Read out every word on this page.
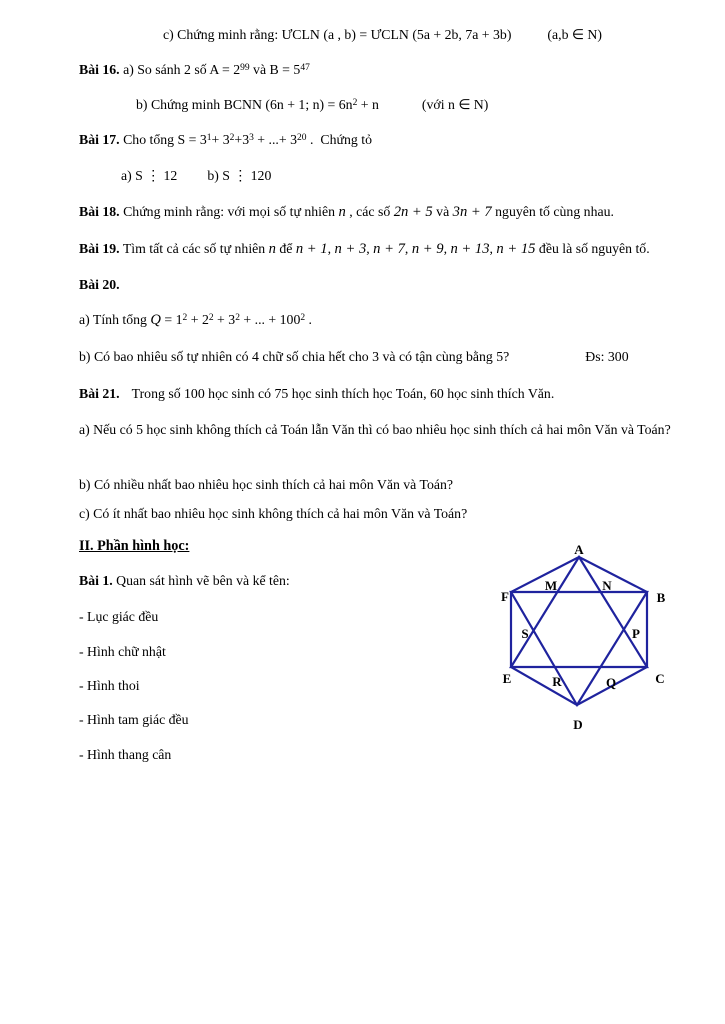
c) Chứng minh rằng: ƯCLN (a , b) = ƯCLN (5a + 2b, 7a + 3b)	(a,b ∈ N)
Bài 16. a) So sánh 2 số $A = 2^{99}$ và $B = 5^{47}$
b) Chứng minh BCNN (6n + 1; $n) = 6n^2 + n$	(với n ∈ N)
Bài 17. Cho tổng $S = 3^1+ 3^2+3^3$ + ...+ $3^{20}$ . Chứng tỏ
a) S ⋮ 12 b) S ⋮ 120
Bài 18. Chứng minh rằng: với mọi số tự nhiên n , các số 2n + 5 và 3n + 7 nguyên tố cùng nhau.
Bài 19. Tìm tất cả các số tự nhiên n để n + 1, n + 3, n + 7, n + 9, n + 13, n + 15 đều là số nguyên tố.
Bài 20.
a) Tính tổng $Q = 1^2 + 2^2 + 3^2$ + ... + $100^2$ .
b) Có bao nhiêu số tự nhiên có 4 chữ số chia hết cho 3 và có tận cùng bằng 5?	Đs: 300
Bài 21. Trong số 100 học sinh có 75 học sinh thích học Toán, 60 học sinh thích Văn.
a) Nếu có 5 học sinh không thích cả Toán lẫn Văn thì có bao nhiêu học sinh thích cả hai môn Văn và Toán?
b) Có nhiều nhất bao nhiêu học sinh thích cả hai môn Văn và Toán?
c) Có ít nhất bao nhiêu học sinh không thích cả hai môn Văn và Toán?
II. Phần hình học:
Bài 1. Quan sát hình vẽ bên và kể tên:
- Lục giác đều
- Hình chữ nhật
- Hình thoi
- Hình tam giác đều
- Hình thang cân
A
B
C
D
E
F
M	N
S	P
R	Q
